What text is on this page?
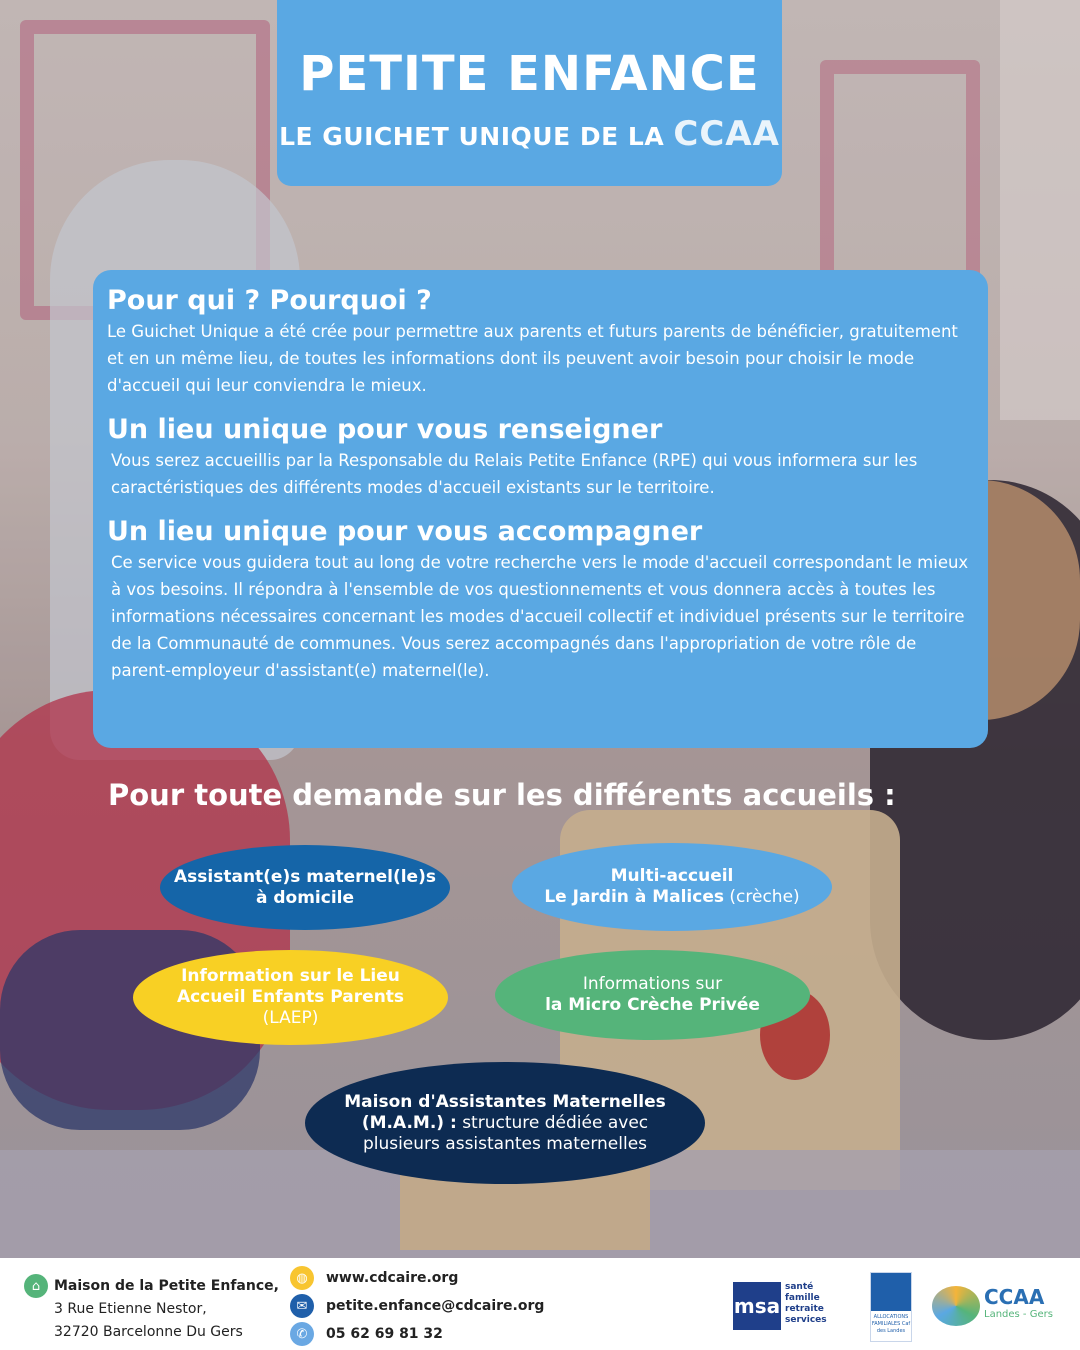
PETITE ENFANCE
LE GUICHET UNIQUE DE LA CCAA
Pour qui ? Pourquoi ?

Le Guichet Unique a été crée pour permettre aux parents et futurs parents de bénéficier, gratuitement et en un même lieu, de toutes les informations dont ils peuvent avoir besoin pour choisir le mode d'accueil qui leur conviendra le mieux.

Un lieu unique pour vous renseigner

Vous serez accueillis par la Responsable du Relais Petite Enfance (RPE) qui vous informera sur les caractéristiques des différents modes d'accueil existants sur le territoire.

Un lieu unique pour vous accompagner

Ce service vous guidera tout au long de votre recherche vers le mode d'accueil correspondant le mieux à vos besoins. Il répondra à l'ensemble de vos questionnements et vous donnera accès à toutes les informations nécessaires concernant les modes d'accueil collectif et individuel présents sur le territoire de la Communauté de communes. Vous serez accompagnés dans l'appropriation de votre rôle de parent-employeur d'assistant(e) maternel(le).

Pour toute demande sur les différents accueils :
Assistant(e)s maternel(le)s
à domicile
Multi-accueil
Le Jardin à Malices (crèche)
Information sur le Lieu
Accueil Enfants Parents
(LAEP)
Informations sur
la Micro Crèche Privée
Maison d'Assistantes Maternelles
(M.A.M.) : structure dédiée avec
plusieurs assistantes maternelles
⌂ Maison de la Petite Enfance,
3 Rue Etienne Nestor,
32720 Barcelonne Du Gers
◍	www.cdcaire.org
✉	petite.enfance@cdcaire.org
✆	05 62 69 81 32
msa
santé
famille
retraite
services	ALLOCATIONS FAMILIALES Caf des Landes
CCAA
Landes - Gers
